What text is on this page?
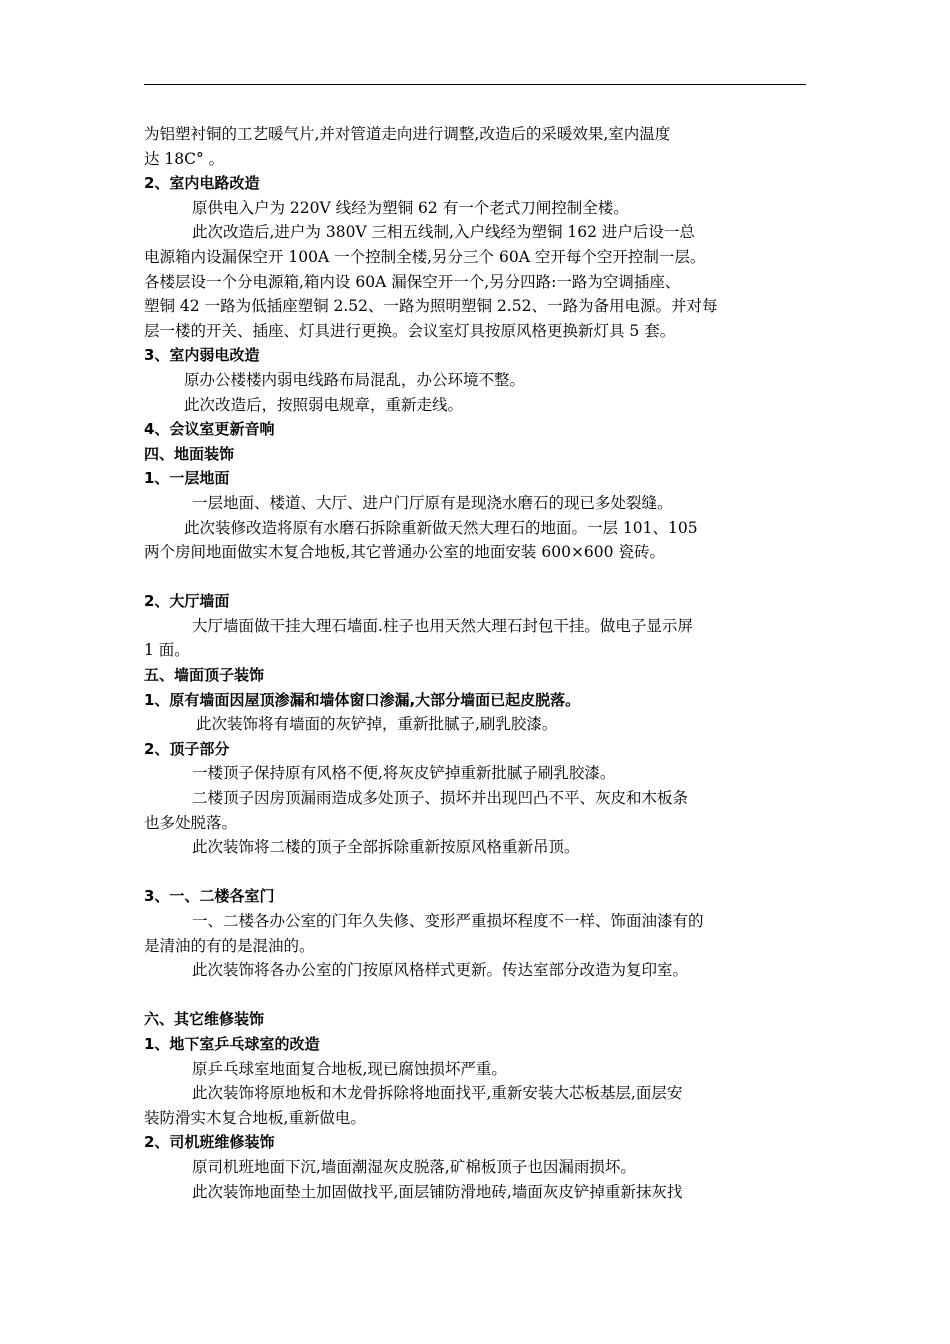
为铝塑衬铜的工艺暖气片,并对管道走向进行调整,改造后的采暖效果,室内温度
达 18C° 。
2、室内电路改造
原供电入户为 220V 线经为塑铜 62 有一个老式刀闸控制全楼。
此次改造后,进户为 380V 三相五线制,入户线经为塑铜 162 进户后设一总
电源箱内设漏保空开 100A 一个控制全楼,另分三个 60A 空开每个空开控制一层。
各楼层设一个分电源箱,箱内设 60A 漏保空开一个,另分四路:一路为空调插座、
塑铜 42 一路为低插座塑铜 2.52、一路为照明塑铜 2.52、一路为备用电源。并对每
层一楼的开关、插座、灯具进行更换。会议室灯具按原风格更换新灯具 5 套。
3、室内弱电改造
原办公楼楼内弱电线路布局混乱，办公环境不整。
此次改造后，按照弱电规章，重新走线。
4、会议室更新音响
四、地面装饰
1、一层地面
一层地面、楼道、大厅、进户门厅原有是现浇水磨石的现已多处裂缝。
此次装修改造将原有水磨石拆除重新做天然大理石的地面。一层 101、105
两个房间地面做实木复合地板,其它普通办公室的地面安装 600×600 瓷砖。
2、大厅墙面
大厅墙面做干挂大理石墙面.柱子也用天然大理石封包干挂。做电子显示屏
1 面。
五、墙面顶子装饰
1、原有墙面因屋顶渗漏和墙体窗口渗漏,大部分墙面已起皮脱落。
此次装饰将有墙面的灰铲掉，重新批腻子,刷乳胶漆。
2、顶子部分
一楼顶子保持原有风格不便,将灰皮铲掉重新批腻子刷乳胶漆。
二楼顶子因房顶漏雨造成多处顶子、损坏并出现凹凸不平、灰皮和木板条
也多处脱落。
此次装饰将二楼的顶子全部拆除重新按原风格重新吊顶。
3、一、二楼各室门
一、二楼各办公室的门年久失修、变形严重损坏程度不一样、饰面油漆有的
是清油的有的是混油的。
此次装饰将各办公室的门按原风格样式更新。传达室部分改造为复印室。
六、其它维修装饰
1、地下室乒乓球室的改造
原乒乓球室地面复合地板,现已腐蚀损坏严重。
此次装饰将原地板和木龙骨拆除将地面找平,重新安装大芯板基层,面层安
装防滑实木复合地板,重新做电。
2、司机班维修装饰
原司机班地面下沉,墙面潮湿灰皮脱落,矿棉板顶子也因漏雨损坏。
此次装饰地面垫土加固做找平,面层铺防滑地砖,墙面灰皮铲掉重新抹灰找
